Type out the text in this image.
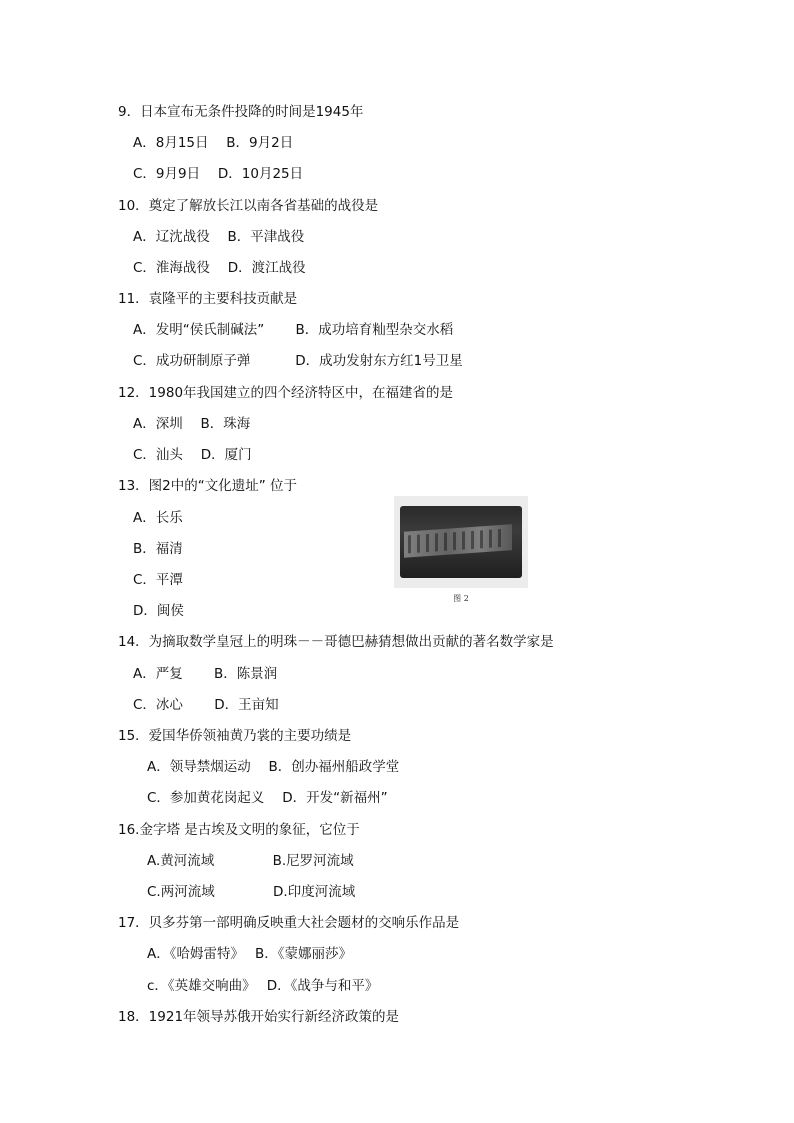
9．日本宣布无条件投降的时间是1945年
A．8月15日　 B．9月2日
C．9月9日　 D．10月25日
10．奠定了解放长江以南各省基础的战役是
A．辽沈战役　 B．平津战役
C．淮海战役　 D．渡江战役
11．袁隆平的主要科技贡献是
A．发明“侯氏制碱法”　　 B．成功培育籼型杂交水稻
C．成功研制原子弹　　　 D．成功发射东方红1号卫星
12．1980年我国建立的四个经济特区中，在福建省的是
A．深圳　 B．珠海
C．汕头　 D．厦门
13．图2中的“文化遗址” 位于
A．长乐
B．福清
C．平潭
D．闽侯
图 2
14．为摘取数学皇冠上的明珠－－哥德巴赫猜想做出贡献的著名数学家是
A．严复　　 B．陈景润
C．冰心　　 D．王亩知
15．爱国华侨领袖黄乃裳的主要功绩是
A．领导禁烟运动　 B．创办福州船政学堂
C．参加黄花岗起义　 D．开发“新福州”
16.金字塔 是古埃及文明的象征，它位于
A.黄河流域　　　　 B.尼罗河流域
C.两河流域　　　　 D.印度河流域
17．贝多芬第一部明确反映重大社会题材的交响乐作品是
A．《哈姆雷特》　 B．《蒙娜丽莎》
c．《英雄交响曲》　 D．《战争与和平》
18．1921年领导苏俄开始实行新经济政策的是
